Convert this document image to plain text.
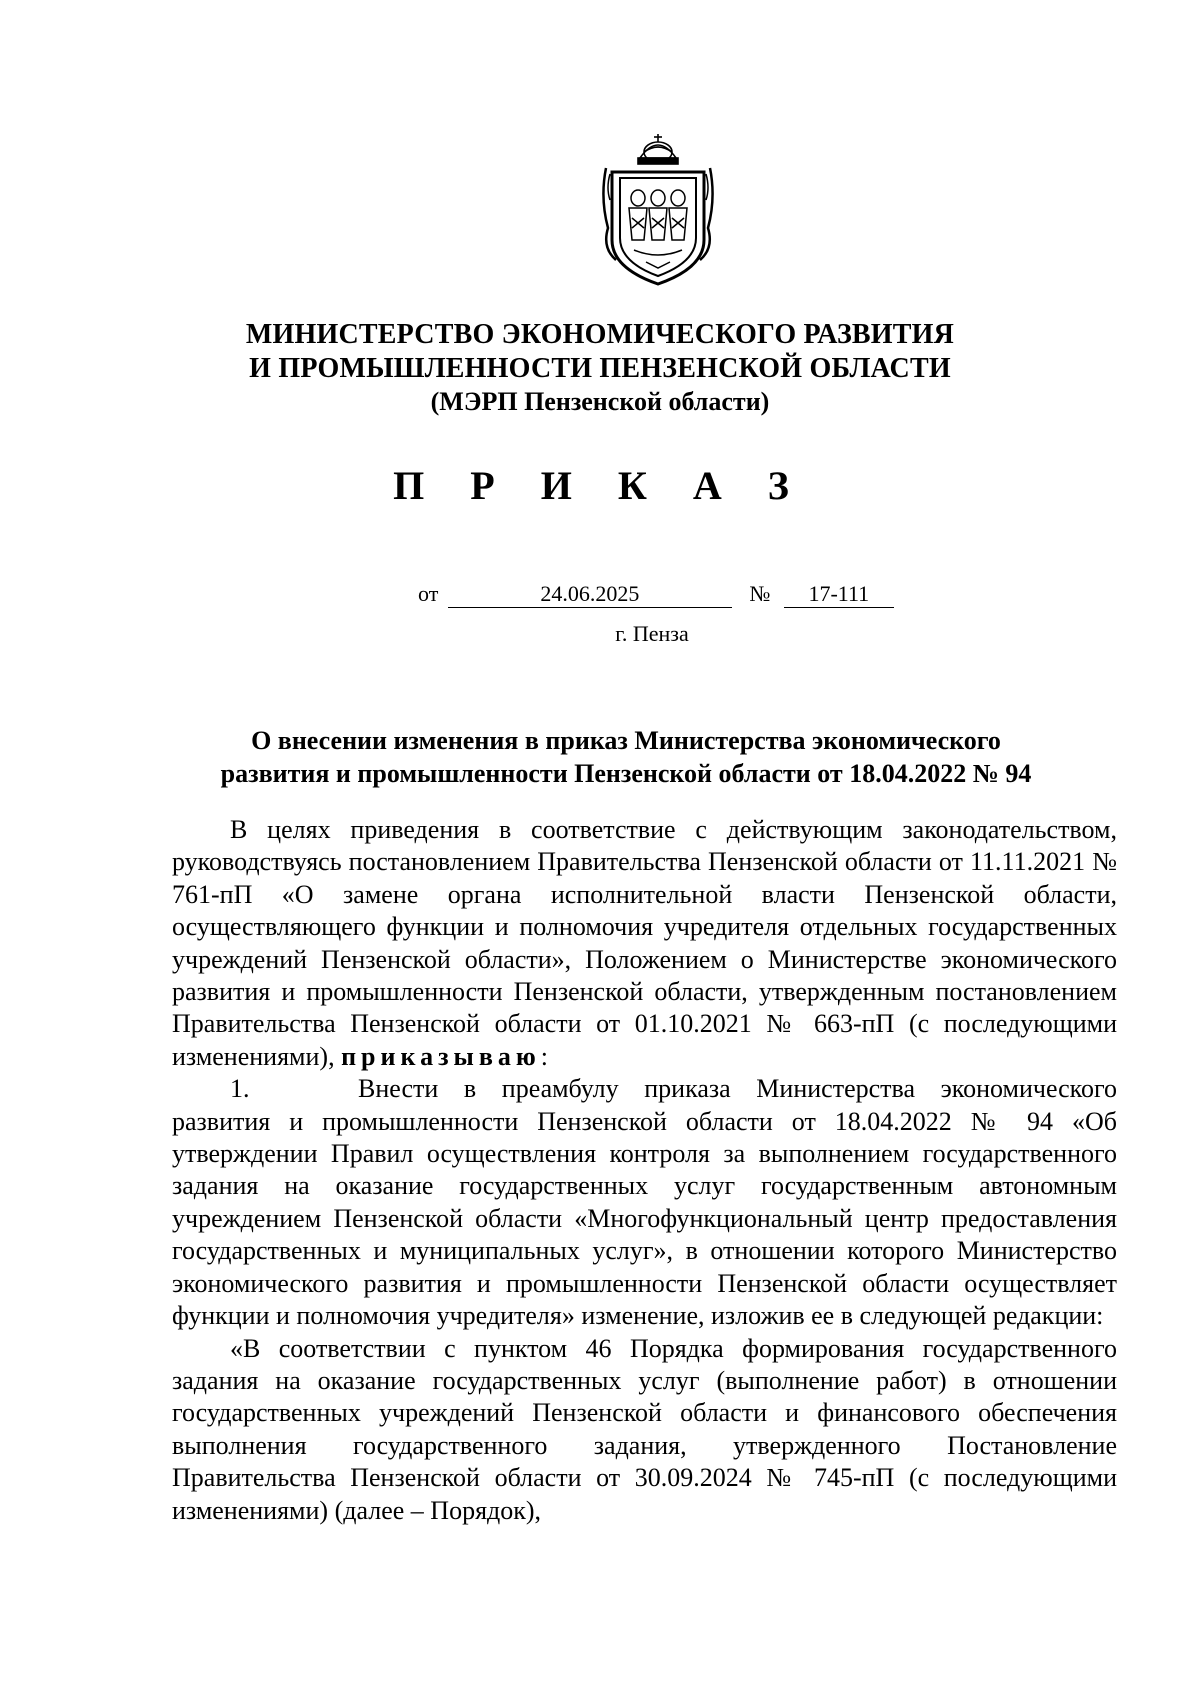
МИНИСТЕРСТВО ЭКОНОМИЧЕСКОГО РАЗВИТИЯ
И ПРОМЫШЛЕННОСТИ ПЕНЗЕНСКОЙ ОБЛАСТИ
(МЭРП Пензенской области)
П Р И К А З
от	24.06.2025	№ 17-111
г. Пенза
О внесении изменения в приказ Министерства экономического
развития и промышленности Пензенской области от 18.04.2022 № 94

В целях приведения в соответствие с действующим законодательством, руководствуясь постановлением Правительства Пензенской области от 11.11.2021 № 761-пП «О замене органа исполнительной власти Пензенской области, осуществляющего функции и полномочия учредителя отдельных государственных учреждений Пензенской области», Положением о Министерстве экономического развития и промышленности Пензенской области, утвержденным постановлением Правительства Пензенской области от 01.10.2021 № 663-пП (с последующими изменениями), приказываю:

1.	Внести в преамбулу приказа Министерства экономического развития и промышленности Пензенской области от 18.04.2022 № 94 «Об утверждении Правил осуществления контроля за выполнением государственного задания на оказание государственных услуг государственным автономным учреждением Пензенской области «Многофункциональный центр предоставления государственных и муниципальных услуг», в отношении которого Министерство экономического развития и промышленности Пензенской области осуществляет функции и полномочия учредителя» изменение, изложив ее в следующей редакции:

«В соответствии с пунктом 46 Порядка формирования государственного задания на оказание государственных услуг (выполнение работ) в отношении государственных учреждений Пензенской области и финансового обеспечения выполнения государственного задания, утвержденного Постановление Правительства Пензенской области от 30.09.2024 № 745-пП (с последующими изменениями) (далее – Порядок),
